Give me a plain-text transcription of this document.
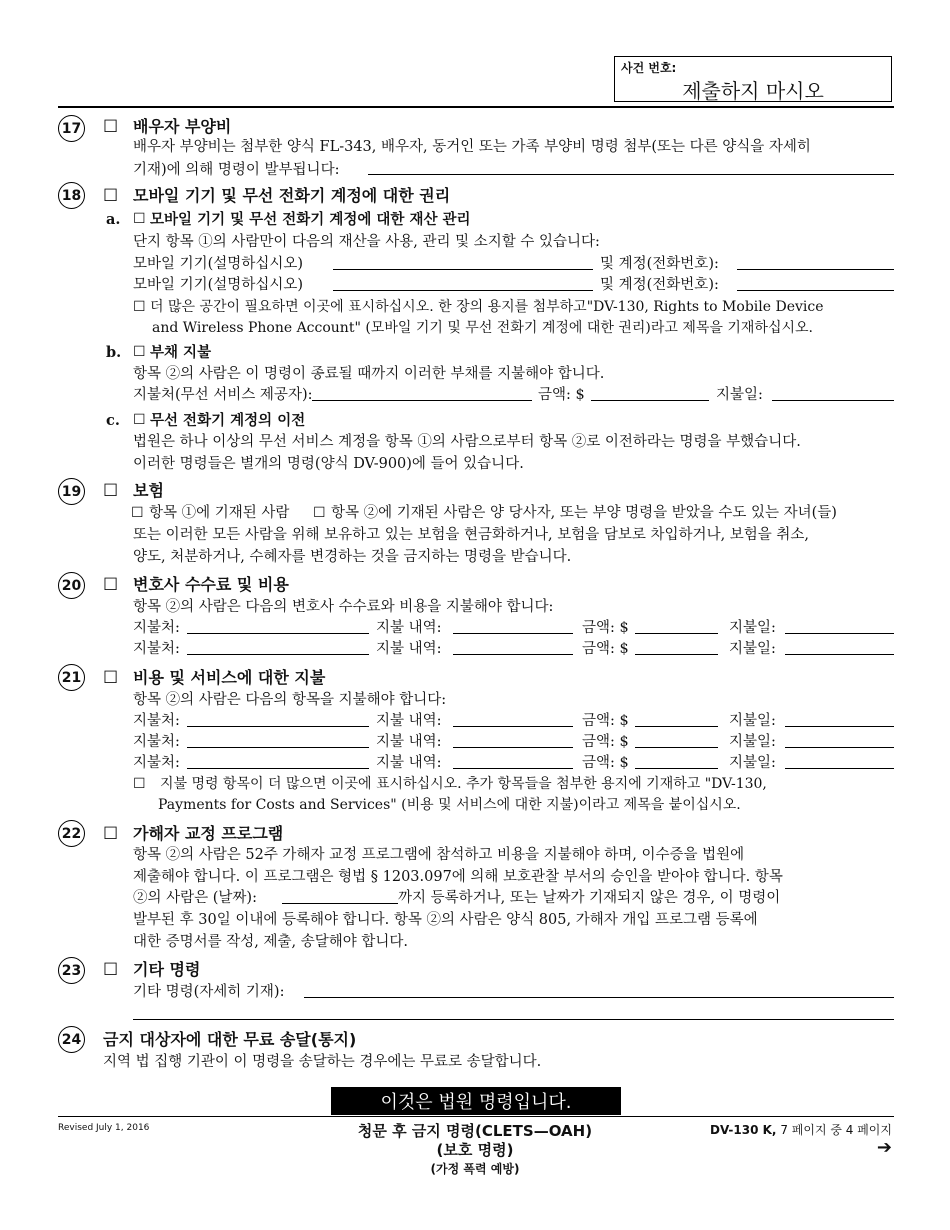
사건 번호:
제출하지 마시오
17 ☐ 배우자 부양비
배우자 부양비는 첨부한 양식 FL-343, 배우자, 동거인 또는 가족 부양비 명령 첨부(또는 다른 양식을 자세히
기재)에 의해 명령이 발부됩니다:
18 ☐ 모바일 기기 및 무선 전화기 계정에 대한 권리
a. ☐ 모바일 기기 및 무선 전화기 계정에 대한 재산 관리
단지 항목 ①의 사람만이 다음의 재산을 사용, 관리 및 소지할 수 있습니다:
모바일 기기(설명하십시오)	및 계정(전화번호):
모바일 기기(설명하십시오)	및 계정(전화번호):
☐ 더 많은 공간이 필요하면 이곳에 표시하십시오. 한 장의 용지를 첨부하고"DV-130, Rights to Mobile Device
and Wireless Phone Account" (모바일 기기 및 무선 전화기 계정에 대한 권리)라고 제목을 기재하십시오.
b. ☐ 부채 지불
항목 ②의 사람은 이 명령이 종료될 때까지 이러한 부채를 지불해야 합니다.
지불처(무선 서비스 제공자):	금액: $	지불일:
c. ☐ 무선 전화기 계정의 이전
법원은 하나 이상의 무선 서비스 계정을 항목 ①의 사람으로부터 항목 ②로 이전하라는 명령을 부했습니다.
이러한 명령들은 별개의 명령(양식 DV-900)에 들어 있습니다.
19 ☐ 보험
☐ 항목 ①에 기재된 사람 ☐ 항목 ②에 기재된 사람은 양 당사자, 또는 부양 명령을 받았을 수도 있는 자녀(들)
또는 이러한 모든 사람을 위해 보유하고 있는 보험을 현금화하거나, 보험을 담보로 차입하거나, 보험을 취소,
양도, 처분하거나, 수혜자를 변경하는 것을 금지하는 명령을 받습니다.
20 ☐ 변호사 수수료 및 비용
항목 ②의 사람은 다음의 변호사 수수료와 비용을 지불해야 합니다:
지불처:	지불 내역:	금액: $	지불일:
지불처:	지불 내역:	금액: $	지불일:
21 ☐ 비용 및 서비스에 대한 지불
항목 ②의 사람은 다음의 항목을 지불해야 합니다:
지불처:	지불 내역:	금액: $	지불일:
지불처:	지불 내역:	금액: $	지불일:
지불처:	지불 내역:	금액: $	지불일:
☐ 지불 명령 항목이 더 많으면 이곳에 표시하십시오. 추가 항목들을 첨부한 용지에 기재하고 "DV-130,
Payments for Costs and Services" (비용 및 서비스에 대한 지불)이라고 제목을 붙이십시오.
22 ☐ 가해자 교정 프로그램
항목 ②의 사람은 52주 가해자 교정 프로그램에 참석하고 비용을 지불해야 하며, 이수증을 법원에
제출해야 합니다. 이 프로그램은 형법 § 1203.097에 의해 보호관찰 부서의 승인을 받아야 합니다. 항목
②의 사람은 (날짜):	까지 등록하거나, 또는 날짜가 기재되지 않은 경우, 이 명령이
발부된 후 30일 이내에 등록해야 합니다. 항목 ②의 사람은 양식 805, 가해자 개입 프로그램 등록에
대한 증명서를 작성, 제출, 송달해야 합니다.
23 ☐ 기타 명령
기타 명령(자세히 기재):
24 금지 대상자에 대한 무료 송달(통지)
지역 법 집행 기관이 이 명령을 송달하는 경우에는 무료로 송달합니다.
이것은 법원 명령입니다.
Revised July 1, 2016	청문 후 금지 명령(CLETS—OAH)
(보호 명령)
(가정 폭력 예방)
DV-130 K, 7 페이지 중 4 페이지
➔
